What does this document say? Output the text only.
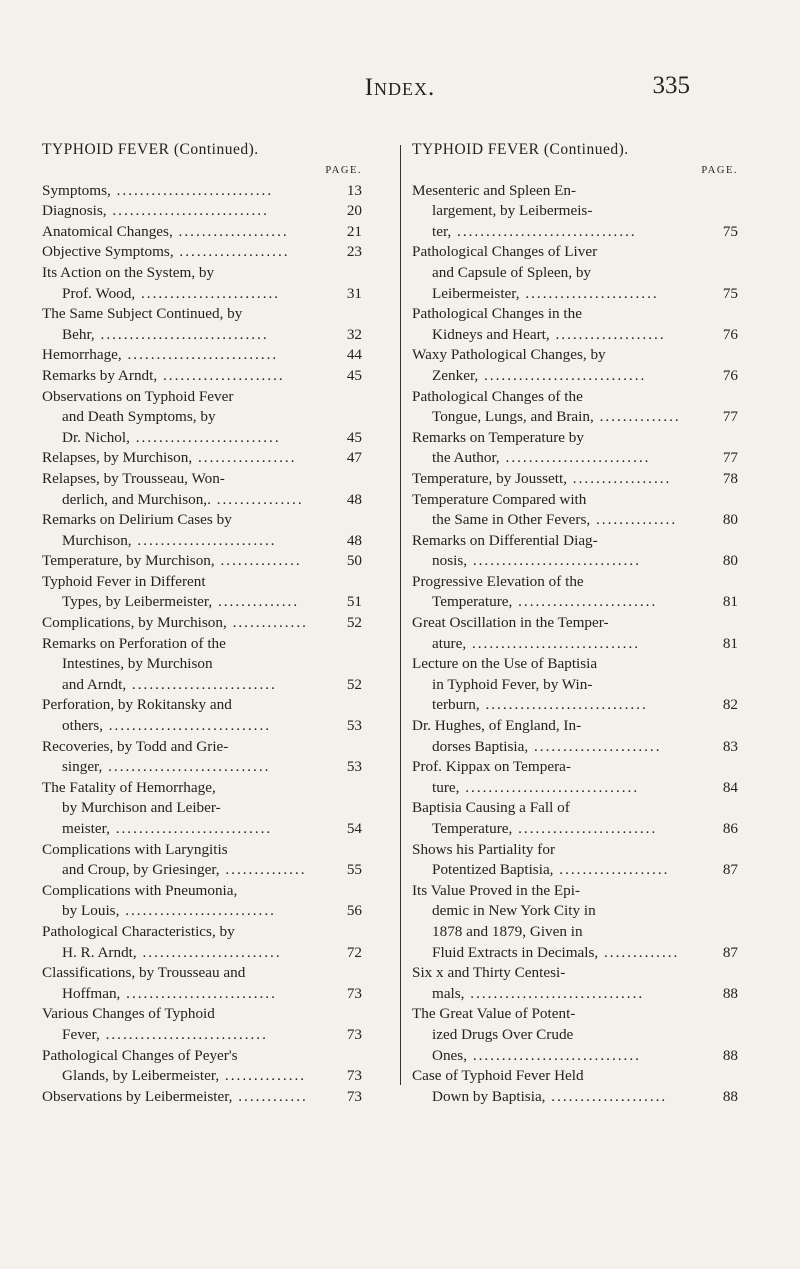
Index.	335
TYPHOID FEVER (Continued).
PAGE.
13
Symptoms, ...........................
20
Diagnosis, ...........................
21
Anatomical Changes, ...................
23
Objective Symptoms, ...................
Its Action on the System, by

31
Prof. Wood, ........................
The Same Subject Continued, by

32
Behr, .............................
44
Hemorrhage, ..........................
45
Remarks by Arndt, .....................
Observations on Typhoid Fever
and Death Symptoms, by

45
Dr. Nichol, .........................
47
Relapses, by Murchison, .................
Relapses, by Trousseau, Won-

48
derlich, and Murchison,. ...............
Remarks on Delirium Cases by

48
Murchison, ........................
50
Temperature, by Murchison, ..............
Typhoid Fever in Different

51
Types, by Leibermeister, ..............
52
Complications, by Murchison, .............
Remarks on Perforation of the
Intestines, by Murchison

52
and Arndt, .........................
Perforation, by Rokitansky and

53
others, ............................
Recoveries, by Todd and Grie-

53
singer, ............................
The Fatality of Hemorrhage,
by Murchison and Leiber-

54
meister, ...........................
Complications with Laryngitis

55
and Croup, by Griesinger, ..............
Complications with Pneumonia,

56
by Louis, ..........................
Pathological Characteristics, by

72
H. R. Arndt, ........................
Classifications, by Trousseau and

73
Hoffman, ..........................
Various Changes of Typhoid

73
Fever, ............................
Pathological Changes of Peyer's

73
Glands, by Leibermeister, ..............
73
Observations by Leibermeister, ............
TYPHOID FEVER (Continued).
PAGE.
Mesenteric and Spleen En-
largement, by Leibermeis-

75
ter, ...............................
Pathological Changes of Liver
and Capsule of Spleen, by

75
Leibermeister, .......................
Pathological Changes in the

76
Kidneys and Heart, ...................
Waxy Pathological Changes, by

76
Zenker, ............................
Pathological Changes of the

77
Tongue, Lungs, and Brain, ..............
Remarks on Temperature by

77
the Author, .........................
78
Temperature, by Joussett, .................
Temperature Compared with

80
the Same in Other Fevers, ..............
Remarks on Differential Diag-

80
nosis, .............................
Progressive Elevation of the

81
Temperature, ........................
Great Oscillation in the Temper-

81
ature, .............................
Lecture on the Use of Baptisia
in Typhoid Fever, by Win-

82
terburn, ............................
Dr. Hughes, of England, In-

83
dorses Baptisia, ......................
Prof. Kippax on Tempera-

84
ture, ..............................
Baptisia Causing a Fall of

86
Temperature, ........................
Shows his Partiality for

87
Potentized Baptisia, ...................
Its Value Proved in the Epi-
demic in New York City in
1878 and 1879, Given in

87
Fluid Extracts in Decimals, .............
Six x and Thirty Centesi-

88
mals, ..............................
The Great Value of Potent-
ized Drugs Over Crude

88
Ones, .............................
Case of Typhoid Fever Held

88
Down by Baptisia, ....................
